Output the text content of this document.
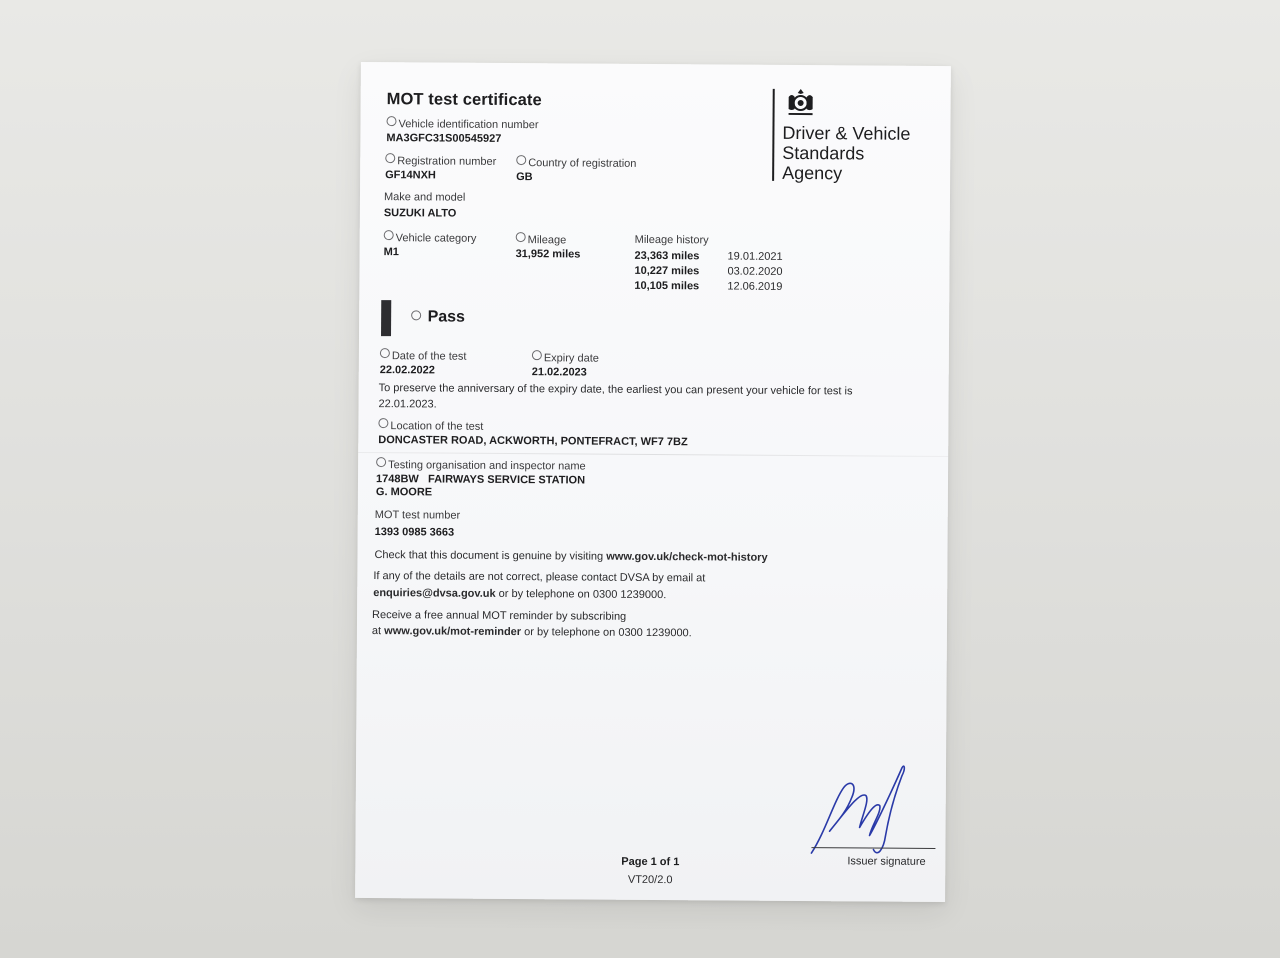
MOT test certificate
Driver & Vehicle
Standards
Agency
Vehicle identification number
MA3GFC31S00545927
Registration number
GF14NXH
Country of registration
GB
Make and model
SUZUKI ALTO
Vehicle category
M1
Mileage
31,952 miles
Mileage history
23,363 miles	19.01.2021
10,227 miles	03.02.2020
10,105 miles	12.06.2019
Pass
Date of the test
22.02.2022
Expiry date
21.02.2023
To preserve the anniversary of the expiry date, the earliest you can present your vehicle for test is
22.01.2023.
Location of the test
DONCASTER ROAD, ACKWORTH, PONTEFRACT, WF7 7BZ
Testing organisation and inspector name
1748BW   FAIRWAYS SERVICE STATION
G. MOORE
MOT test number
1393 0985 3663
Check that this document is genuine by visiting www.gov.uk/check-mot-history
If any of the details are not correct, please contact DVSA by email at
enquiries@dvsa.gov.uk or by telephone on 0300 1239000.
Receive a free annual MOT reminder by subscribing
at www.gov.uk/mot-reminder or by telephone on 0300 1239000.
Issuer signature
Page 1 of 1
VT20/2.0
